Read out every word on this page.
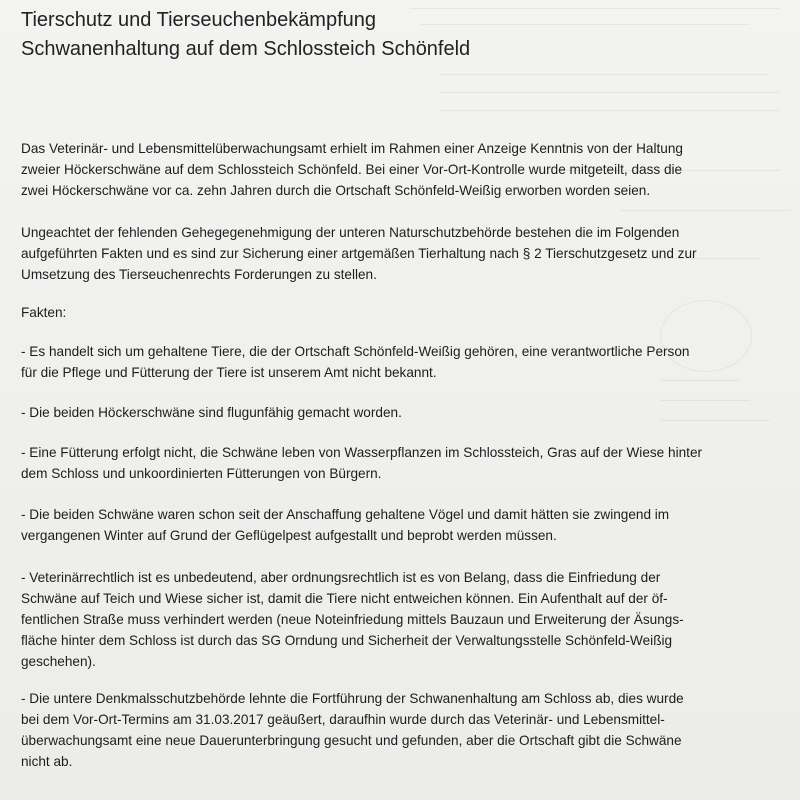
Tierschutz und Tierseuchenbekämpfung
Schwanenhaltung auf dem Schlossteich Schönfeld
Das Veterinär- und Lebensmittelüberwachungsamt erhielt im Rahmen einer Anzeige Kenntnis von der Haltung
zweier Höckerschwäne auf dem Schlossteich Schönfeld. Bei einer Vor-Ort-Kontrolle wurde mitgeteilt, dass die
zwei Höckerschwäne vor ca. zehn Jahren durch die Ortschaft Schönfeld-Weißig erworben worden seien.
Ungeachtet der fehlenden Gehegegenehmigung der unteren Naturschutzbehörde bestehen die im Folgenden
aufgeführten Fakten und es sind zur Sicherung einer artgemäßen Tierhaltung nach § 2 Tierschutzgesetz und zur
Umsetzung des Tierseuchenrechts Forderungen zu stellen.
Fakten:
- Es handelt sich um gehaltene Tiere, die der Ortschaft Schönfeld-Weißig gehören, eine verantwortliche Person
für die Pflege und Fütterung der Tiere ist unserem Amt nicht bekannt.
- Die beiden Höckerschwäne sind flugunfähig gemacht worden.
- Eine Fütterung erfolgt nicht, die Schwäne leben von Wasserpflanzen im Schlossteich, Gras auf der Wiese hinter
dem Schloss und unkoordinierten Fütterungen von Bürgern.
- Die beiden Schwäne waren schon seit der Anschaffung gehaltene Vögel und damit hätten sie zwingend im
vergangenen Winter auf Grund der Geflügelpest aufgestallt und beprobt werden müssen.
- Veterinärrechtlich ist es unbedeutend, aber ordnungsrechtlich ist es von Belang, dass die Einfriedung der
Schwäne auf Teich und Wiese sicher ist, damit die Tiere nicht entweichen können. Ein Aufenthalt auf der öf-
fentlichen Straße muss verhindert werden (neue Noteinfriedung mittels Bauzaun und Erweiterung der Äsungs-
fläche hinter dem Schloss ist durch das SG Orndung und Sicherheit der Verwaltungsstelle Schönfeld-Weißig
geschehen).
- Die untere Denkmalsschutzbehörde lehnte die Fortführung der Schwanenhaltung am Schloss ab, dies wurde
bei dem Vor-Ort-Termins am 31.03.2017 geäußert, daraufhin wurde durch das Veterinär- und Lebensmittel-
überwachungsamt eine neue Dauerunterbringung gesucht und gefunden, aber die Ortschaft gibt die Schwäne
nicht ab.
